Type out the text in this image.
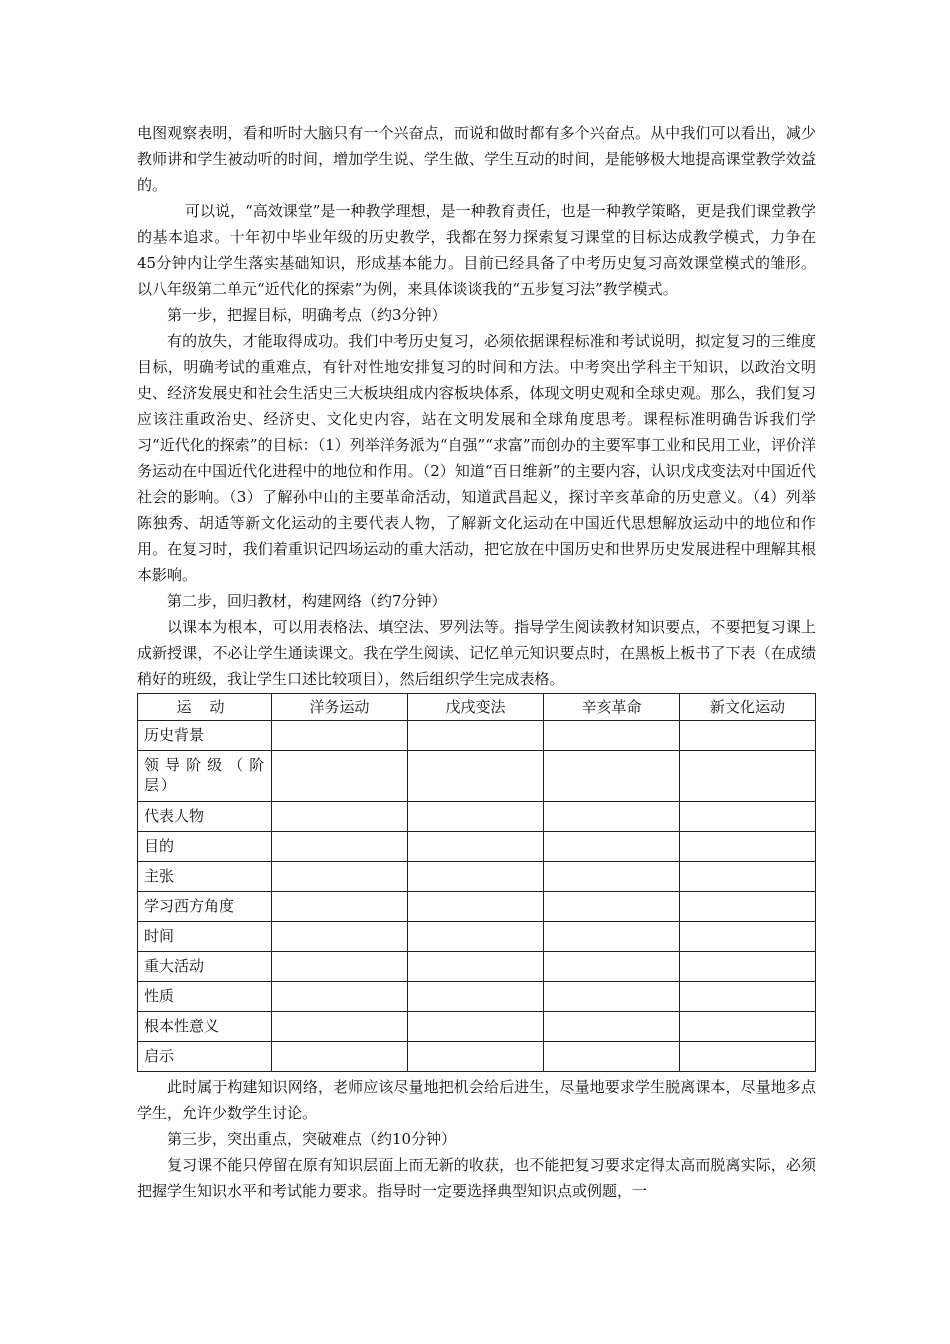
电图观察表明，看和听时大脑只有一个兴奋点，而说和做时都有多个兴奋点。从中我们可以看出，减少教师讲和学生被动听的时间，增加学生说、学生做、学生互动的时间，是能够极大地提高课堂教学效益的。

可以说，“高效课堂”是一种教学理想，是一种教育责任，也是一种教学策略，更是我们课堂教学的基本追求。十年初中毕业年级的历史教学，我都在努力探索复习课堂的目标达成教学模式，力争在45分钟内让学生落实基础知识，形成基本能力。目前已经具备了中考历史复习高效课堂模式的雏形。以八年级第二单元“近代化的探索”为例，来具体谈谈我的“五步复习法”教学模式。

第一步，把握目标，明确考点（约3分钟）

有的放失，才能取得成功。我们中考历史复习，必须依据课程标准和考试说明，拟定复习的三维度目标，明确考试的重难点，有针对性地安排复习的时间和方法。中考突出学科主干知识，以政治文明史、经济发展史和社会生活史三大板块组成内容板块体系，体现文明史观和全球史观。那么，我们复习应该注重政治史、经济史、文化史内容，站在文明发展和全球角度思考。课程标准明确告诉我们学习“近代化的探索”的目标：（1）列举洋务派为“自强”“求富”而创办的主要军事工业和民用工业，评价洋务运动在中国近代化进程中的地位和作用。（2）知道“百日维新”的主要内容，认识戊戌变法对中国近代社会的影响。（3）了解孙中山的主要革命活动，知道武昌起义，探讨辛亥革命的历史意义。（4）列举陈独秀、胡适等新文化运动的主要代表人物，了解新文化运动在中国近代思想解放运动中的地位和作用。在复习时，我们着重识记四场运动的重大活动，把它放在中国历史和世界历史发展进程中理解其根本影响。

第二步，回归教材，构建网络（约7分钟）

以课本为根本，可以用表格法、填空法、罗列法等。指导学生阅读教材知识要点，不要把复习课上成新授课，不必让学生通读课文。我在学生阅读、记忆单元知识要点时，在黑板上板书了下表（在成绩稍好的班级，我让学生口述比较项目），然后组织学生完成表格。

运动	洋务运动	戊戌变法	辛亥革命	新文化运动
历史背景				
领导阶级（阶层）				
代表人物				
目的				
主张				
学习西方角度				
时间				
重大活动				
性质				
根本性意义				
启示				

此时属于构建知识网络，老师应该尽量地把机会给后进生，尽量地要求学生脱离课本，尽量地多点学生，允许少数学生讨论。

第三步，突出重点，突破难点（约10分钟）

复习课不能只停留在原有知识层面上而无新的收获，也不能把复习要求定得太高而脱离实际，必须把握学生知识水平和考试能力要求。指导时一定要选择典型知识点或例题，一
